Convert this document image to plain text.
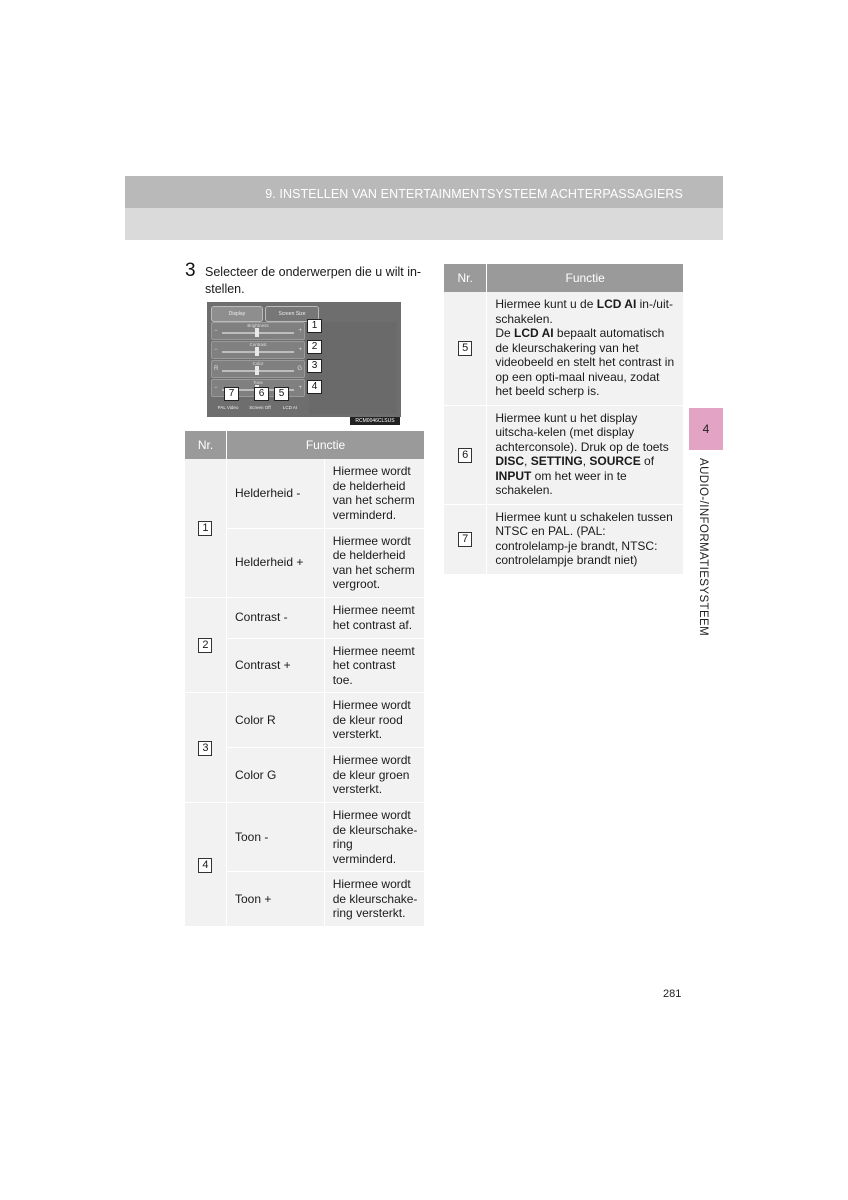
9. INSTELLEN VAN ENTERTAINMENTSYSTEEM ACHTERPASSAGIERS
4
AUDIO-/INFORMATIESYSTEEM
3 Selecteer de onderwerpen die u wilt in-stellen.
Display	Screen Size
Brightness
−	+
Contrast
−	+
Color
R	G
Tone
−	+
PAL Video	Screen Off	LCD AI
1
2
3
4
7	6	5
RCM0046CLSUS
Nr.	Functie	
1	Helderheid -	Hiermee wordt de helderheid van het scherm verminderd.
	Helderheid +	Hiermee wordt de helderheid van het scherm vergroot.
2	Contrast -	Hiermee neemt het contrast af.
	Contrast +	Hiermee neemt het contrast toe.
3	Color R	Hiermee wordt de kleur rood versterkt.
	Color G	Hiermee wordt de kleur groen versterkt.
4	Toon -	Hiermee wordt de kleurschake-ring verminderd.
	Toon +	Hiermee wordt de kleurschake-ring versterkt.
Nr.	Functie
5	Hiermee kunt u de LCD AI in-/uit-schakelen.
De LCD AI bepaalt automatisch de kleurschakering van het videobeeld en stelt het contrast in op een opti-maal niveau, zodat het beeld scherp is.
6	Hiermee kunt u het display uitscha-kelen (met display achterconsole). Druk op de toets DISC, SETTING, SOURCE of INPUT om het weer in te schakelen.
7	Hiermee kunt u schakelen tussen NTSC en PAL. (PAL: controlelamp-je brandt, NTSC: controlelampje brandt niet)
281
